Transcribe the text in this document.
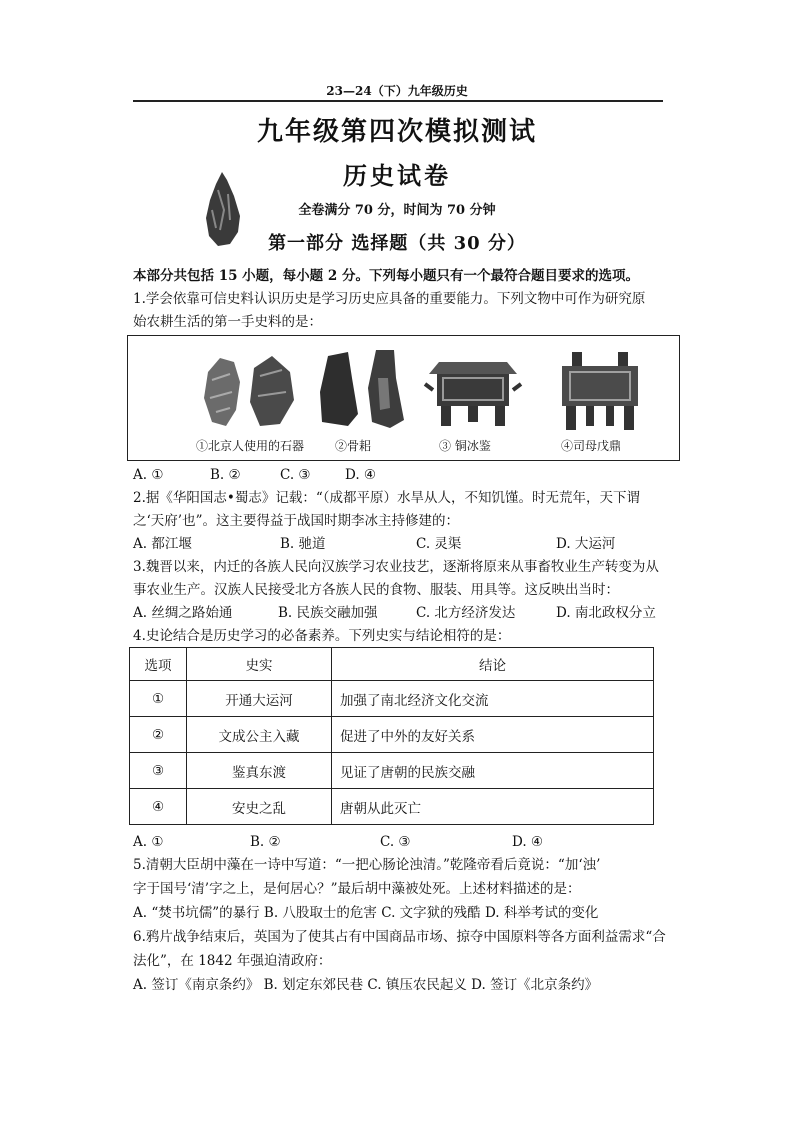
23—24（下）九年级历史
九年级第四次模拟测试
历史试卷
全卷满分 70 分，时间为 70 分钟
第一部分 选择题（共 30 分）
本部分共包括 15 小题，每小题 2 分。下列每小题只有一个最符合题目要求的选项。
1.学会依靠可信史料认识历史是学习历史应具备的重要能力。下列文物中可作为研究原
始农耕生活的第一手史料的是：
①北京人使用的石器	②骨耜	③ 铜冰鉴	④司母戊鼎
A. ①	B. ②	C. ③	D. ④
2.据《华阳国志•蜀志》记载：“（成都平原）水旱从人，不知饥馑。时无荒年，天下谓
之‘天府’也”。这主要得益于战国时期李冰主持修建的：
A. 都江堰	B. 驰道	C. 灵渠	D. 大运河
3.魏晋以来，内迁的各族人民向汉族学习农业技艺，逐渐将原来从事畜牧业生产转变为从
事农业生产。汉族人民接受北方各族人民的食物、服装、用具等。这反映出当时：
A. 丝绸之路始通	B. 民族交融加强	C. 北方经济发达	D. 南北政权分立
4.史论结合是历史学习的必备素养。下列史实与结论相符的是：
选项	史实	结论
①	开通大运河	加强了南北经济文化交流
②	文成公主入藏	促进了中外的友好关系
③	鉴真东渡	见证了唐朝的民族交融
④	安史之乱	唐朝从此灭亡
A. ①	B. ②	C. ③	D. ④
5.清朝大臣胡中藻在一诗中写道：“一把心肠论浊清。”乾隆帝看后竟说：“加‘浊’
字于国号‘清’字之上，是何居心？”最后胡中藻被处死。上述材料描述的是：
A. “焚书坑儒”的暴行 B. 八股取士的危害 C. 文字狱的残酷 D. 科举考试的变化
6.鸦片战争结束后，英国为了使其占有中国商品市场、掠夺中国原料等各方面利益需求“合
法化”，在 1842 年强迫清政府：
A. 签订《南京条约》 B. 划定东郊民巷 C. 镇压农民起义 D. 签订《北京条约》
